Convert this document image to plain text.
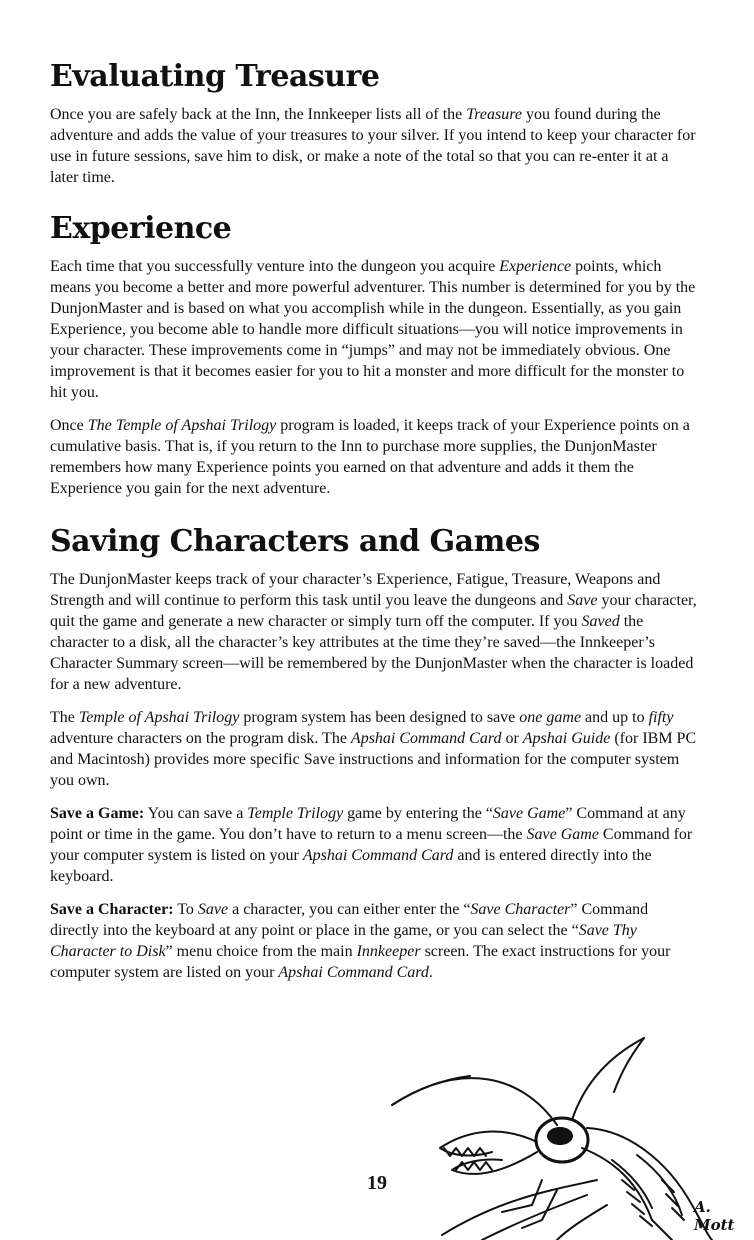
Evaluating Treasure

Once you are safely back at the Inn, the Innkeeper lists all of the Treasure you found during the adventure and adds the value of your treasures to your silver. If you intend to keep your character for use in future sessions, save him to disk, or make a note of the total so that you can re-enter it at a later time.

Experience

Each time that you successfully venture into the dungeon you acquire Experience points, which means you become a better and more powerful adventurer. This number is determined for you by the DunjonMaster and is based on what you accomplish while in the dungeon. Essentially, as you gain Experience, you become able to handle more difficult situations—you will notice improvements in your character. These improvements come in “jumps” and may not be immediately obvious. One improvement is that it becomes easier for you to hit a monster and more difficult for the monster to hit you.

Once The Temple of Apshai Trilogy program is loaded, it keeps track of your Experience points on a cumulative basis. That is, if you return to the Inn to purchase more supplies, the DunjonMaster remembers how many Experience points you earned on that adventure and adds it them the Experience you gain for the next adventure.

Saving Characters and Games

The DunjonMaster keeps track of your character’s Experience, Fatigue, Treasure, Weapons and Strength and will continue to perform this task until you leave the dungeons and Save your character, quit the game and generate a new character or simply turn off the computer. If you Saved the character to a disk, all the character’s key attributes at the time they’re saved—the Innkeeper’s Character Summary screen—will be remembered by the DunjonMaster when the character is loaded for a new adventure.

The Temple of Apshai Trilogy program system has been designed to save one game and up to fifty adventure characters on the program disk. The Apshai Command Card or Apshai Guide (for IBM PC and Macintosh) provides more specific Save instructions and information for the computer system you own.

Save a Game: You can save a Temple Trilogy game by entering the “Save Game” Command at any point or time in the game. You don’t have to return to a menu screen—the Save Game Command for your computer system is listed on your Apshai Command Card and is entered directly into the keyboard.

Save a Character: To Save a character, you can either enter the “Save Character” Command directly into the keyboard at any point or place in the game, or you can select the “Save Thy Character to Disk” menu choice from the main Innkeeper screen. The exact instructions for your computer system are listed on your Apshai Command Card.

19
A. Mott
